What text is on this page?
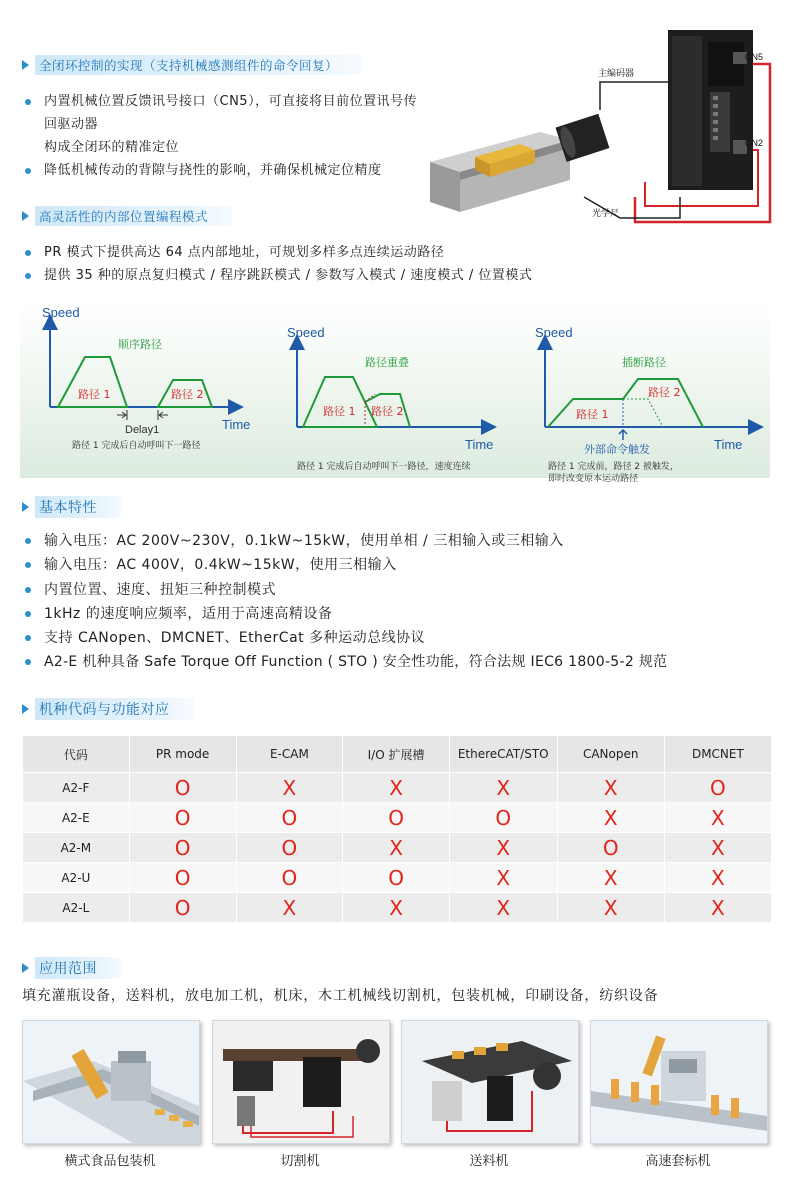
全闭环控制的实现（支持机械感测组件的命令回复）
内置机械位置反馈讯号接口（CN5），可直接将目前位置讯号传回驱动器
构成全闭环的精准定位
降低机械传动的背隙与挠性的影响，并确保机械定位精度
CN5
CN2
主编码器
光学尺
高灵活性的内部位置编程模式
PR 模式下提供高达 64 点内部地址，可规划多样多点连续运动路径
提供 35 种的原点复归模式 / 程序跳跃模式 / 参数写入模式 / 速度模式 / 位置模式
Speed
Time
顺序路径
路径 1	路径 2
Delay1
路径 1 完成后自动呼叫下一路径
Speed
Time
路径重叠
路径 1 路径 2
路径 1 完成后自动呼叫下一路径，速度连续
Speed
Time
插断路径
路径 1
路径 2
外部命令触发
路径 1 完成前，路径 2 被触发，
即时改变原本运动路径
基本特性
输入电压：AC 200V~230V，0.1kW~15kW，使用单相 / 三相输入或三相输入
输入电压：AC 400V，0.4kW~15kW，使用三相输入
内置位置、速度、扭矩三种控制模式
1kHz 的速度响应频率，适用于高速高精设备
支持 CANopen、DMCNET、EtherCat 多种运动总线协议
A2-E 机种具备 Safe Torque Off Function ( STO ) 安全性功能，符合法规 IEC6 1800-5-2 规范
机种代码与功能对应
代码	PR mode	E-CAM	I/O 扩展槽	EthereCAT/STO	CANopen	DMCNET
A2-F	O	X	X	X	X	O
A2-E	O	O	O	O	X	X
A2-M	O	O	X	X	O	X
A2-U	O	O	O	X	X	X
A2-L	O	X	X	X	X	X
应用范围
填充灌瓶设备，送料机，放电加工机，机床，木工机械线切割机，包装机械，印刷设备，纺织设备
横式食品包装机	切割机	送料机	高速套标机
